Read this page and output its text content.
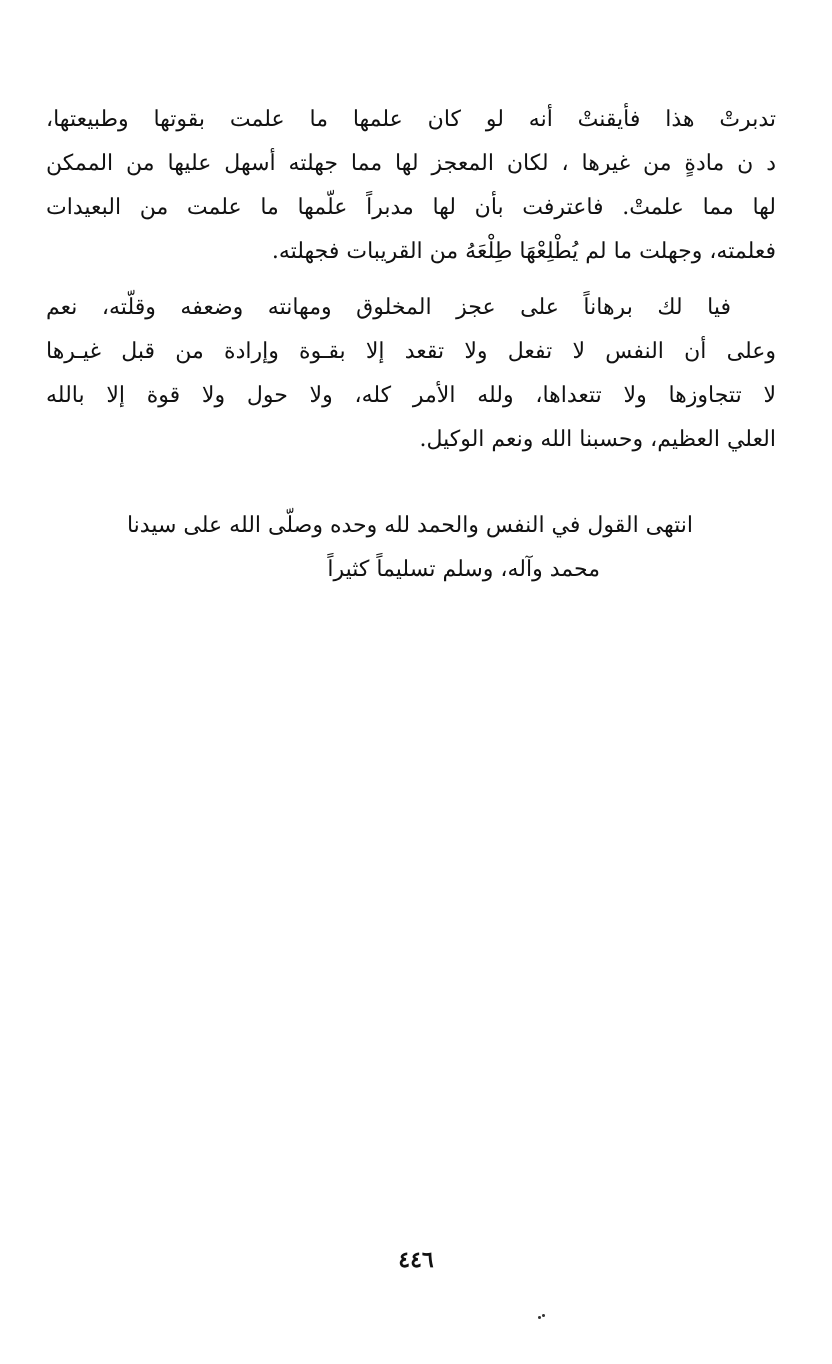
تدبرتْ هذا فأيقنتْ أنه لو كان علمها ما علمت بقوتها وطبيعتها،
د ن مادةٍ من غيرها ، لكان المعجز لها مما جهلته أسهل عليها من الممكن
لها مما علمتْ. فاعترفت بأن لها مدبراً علّمها ما علمت من البعيدات
فعلمته، وجهلت ما لم يُطْلِعْهَا طِلْعَهُ من القريبات فجهلته.
فيا لك برهاناً على عجز المخلوق ومهانته وضعفه وقلّته، نعم
وعلى أن النفس لا تفعل ولا تقعد إلا بقـوة وإرادة من قبل غيـرها
لا تتجاوزها ولا تتعداها، ولله الأمر كله، ولا حول ولا قوة إلا بالله
العلي العظيم، وحسبنا الله ونعم الوكيل.
انتهى القول في النفس والحمد لله وحده وصلّى الله على سيدنا
محمد وآله، وسلم تسليماً كثيراً
٤٤٦
